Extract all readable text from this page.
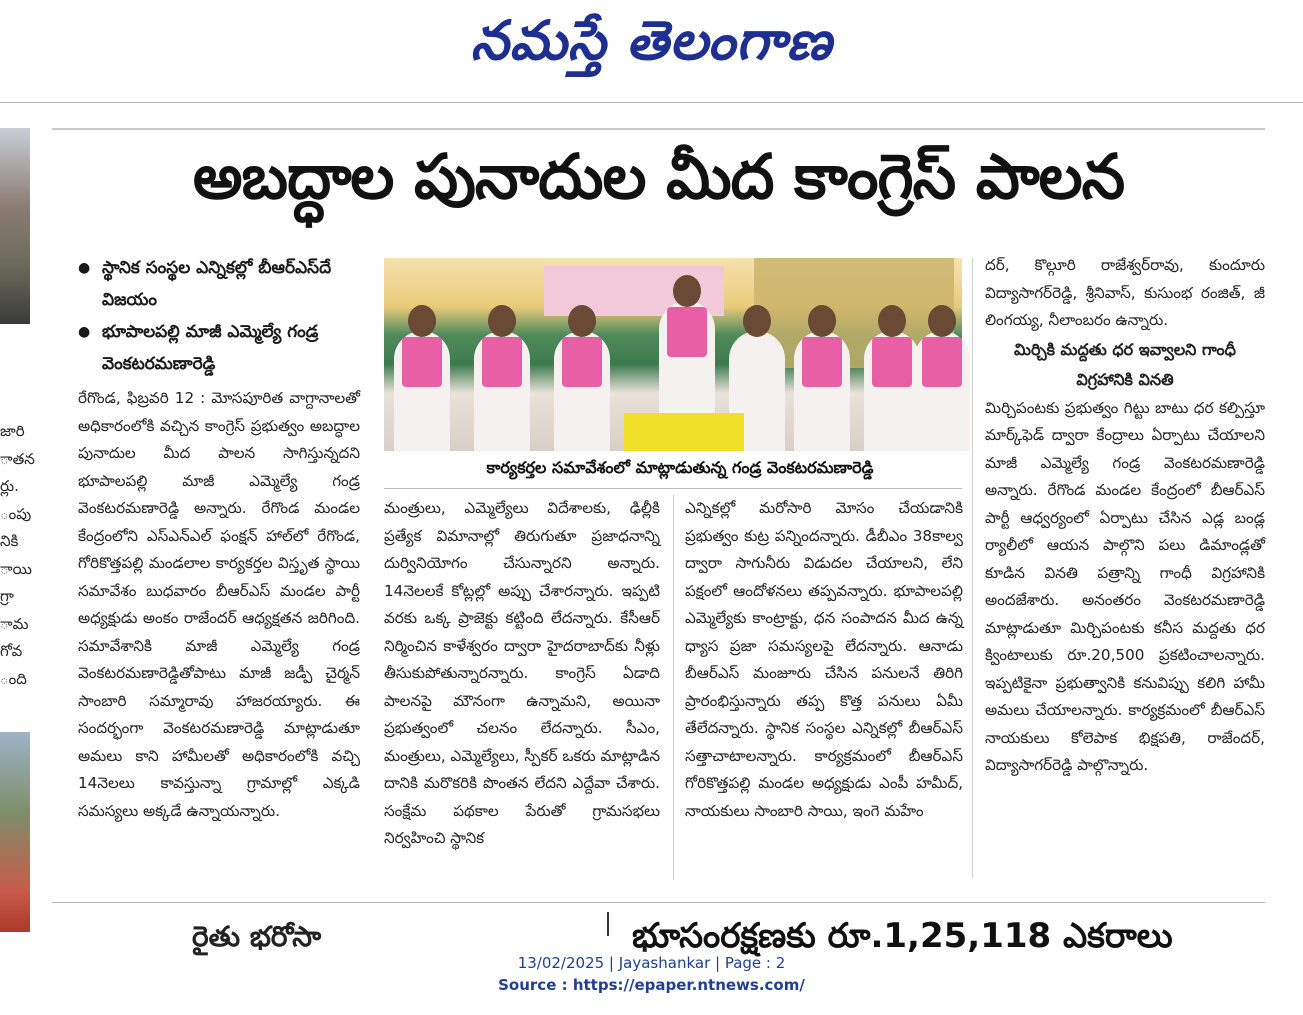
నమస్తే తెలంగాణ
జారి
ాతన
ర్లు.
ంపు
నికి
ాయి
గ్రా
ామ
గోవ
ంది
అబద్ధాల పునాదుల మీద కాంగ్రెస్ పాలన
● స్థానిక సంస్థల ఎన్నికల్లో బీఆర్ఎస్‌దే విజయం
● భూపాలపల్లి మాజీ ఎమ్మెల్యే గండ్ర వెంకటరమణారెడ్డి
రేగొండ, ఫిబ్రవరి 12 : మోసపూరిత వాగ్దానాలతో అధికారంలోకి వచ్చిన కాంగ్రెస్ ప్రభుత్వం అబద్ధాల పునాదుల మీద పాలన సాగిస్తున్నదని భూపాలపల్లి మాజీ ఎమ్మెల్యే గండ్ర వెంకటరమణారెడ్డి అన్నారు. రేగొండ మండల కేంద్రంలోని ఎస్ఎన్ఎల్ ఫంక్షన్ హాల్‌లో రేగొండ, గోరికొత్తపల్లి మండలాల కార్యకర్తల విస్తృత స్థాయి సమావేశం బుధవారం బీఆర్ఎస్ మండల పార్టీ అధ్యక్షుడు అంకం రాజేందర్ ఆధ్యక్షతన జరిగింది. సమావేశానికి మాజీ ఎమ్మెల్యే గండ్ర వెంకటరమణారెడ్డితోపాటు మాజీ జడ్పీ చైర్మన్ సాంబారి సమ్మారావు హాజరయ్యారు. ఈ సందర్భంగా వెంకటరమణారెడ్డి మాట్లాడుతూ అమలు కాని హామీలతో అధికారంలోకి వచ్చి 14నెలలు కావస్తున్నా గ్రామాల్లో ఎక్కడి సమస్యలు అక్కడే ఉన్నాయన్నారు.
కార్యకర్తల సమావేశంలో మాట్లాడుతున్న గండ్ర వెంకటరమణారెడ్డి
మంత్రులు, ఎమ్మెల్యేలు విదేశాలకు, ఢిల్లీకి ప్రత్యేక విమానాల్లో తిరుగుతూ ప్రజాధనాన్ని దుర్వినియోగం చేసున్నారని అన్నారు. 14నెలలకే కోట్లల్లో అప్పు చేశారన్నారు. ఇప్పటి వరకు ఒక్క ప్రాజెక్టు కట్టింది లేదన్నారు. కేసీఆర్ నిర్మించిన కాళేశ్వరం ద్వారా హైదరాబాద్‌కు నీళ్లు తీసుకుపోతున్నారన్నారు. కాంగ్రెస్ ఏడాది పాలనపై మౌనంగా ఉన్నామని, అయినా ప్రభుత్వంలో చలనం లేదన్నారు. సీఎం, మంత్రులు, ఎమ్మెల్యేలు, స్పీకర్ ఒకరు మాట్లాడిన దానికి మరొకరికి పొంతన లేదని ఎద్దేవా చేశారు. సంక్షేమ పథకాల పేరుతో గ్రామసభలు నిర్వహించి స్థానిక
ఎన్నికల్లో మరోసారి మోసం చేయడానికి ప్రభుత్వం కుట్ర పన్నిందన్నారు. డీబీఎం 38కాల్వ ద్వారా సాగునీరు విడుదల చేయాలని, లేని పక్షంలో ఆందోళనలు తప్పవన్నారు. భూపాలపల్లి ఎమ్మెల్యేకు కాంట్రాక్టు, ధన సంపాదన మీద ఉన్న ధ్యాస ప్రజా సమస్యలపై లేదన్నారు. ఆనాడు బీఆర్ఎస్ మంజూరు చేసిన పనులనే తిరిగి ప్రారంభిస్తున్నారు తప్ప కొత్త పనులు ఏమీ తేలేదన్నారు. స్థానిక సంస్థల ఎన్నికల్లో బీఆర్ఎస్ సత్తాచాటాలన్నారు. కార్యక్రమంలో బీఆర్ఎస్ గోరికొత్తపల్లి మండల అధ్యక్షుడు ఎంపీ హమీద్, నాయకులు సాంబారి సాయి, ఇంగె మహేం
దర్, కొల్గూరి రాజేశ్వర్‌రావు, కుందూరు విద్యాసాగర్‌రెడ్డి, శ్రీనివాస్, కుసుంభ రంజిత్, జీ లింగయ్య, నీలాంబరం ఉన్నారు.
మిర్చికి మద్దతు ధర ఇవ్వాలని గాంధీ విగ్రహానికి వినతి
మిర్చిపంటకు ప్రభుత్వం గిట్టు బాటు ధర కల్పిస్తూ మార్క్‌ఫెడ్ ద్వారా కేంద్రాలు ఏర్పాటు చేయాలని మాజీ ఎమ్మెల్యే గండ్ర వెంకటరమణారెడ్డి అన్నారు. రేగొండ మండల కేంద్రంలో బీఆర్ఎస్ పార్టీ ఆధ్వర్యంలో ఏర్పాటు చేసిన ఎడ్ల బండ్ల ర్యాలీలో ఆయన పాల్గొని పలు డిమాండ్లతో కూడిన వినతి పత్రాన్ని గాంధీ విగ్రహానికి అందజేశారు. అనంతరం వెంకటరమణారెడ్డి మాట్లాడుతూ మిర్చిపంటకు కనీస మద్దతు ధర క్వింటాలుకు రూ.20,500 ప్రకటించాలన్నారు. ఇప్పటికైనా ప్రభుత్వానికి కనువిప్పు కలిగి హామీ అమలు చేయాలన్నారు. కార్యక్రమంలో బీఆర్ఎస్ నాయకులు కోలెపాక భిక్షపతి, రాజేందర్, విద్యాసాగర్‌రెడ్డి పాల్గొన్నారు.
రైతు భరోసా	భూసంరక్షణకు రూ.1,25,118 ఎకరాలు
13/02/2025 | Jayashankar | Page : 2
Source : https://epaper.ntnews.com/
